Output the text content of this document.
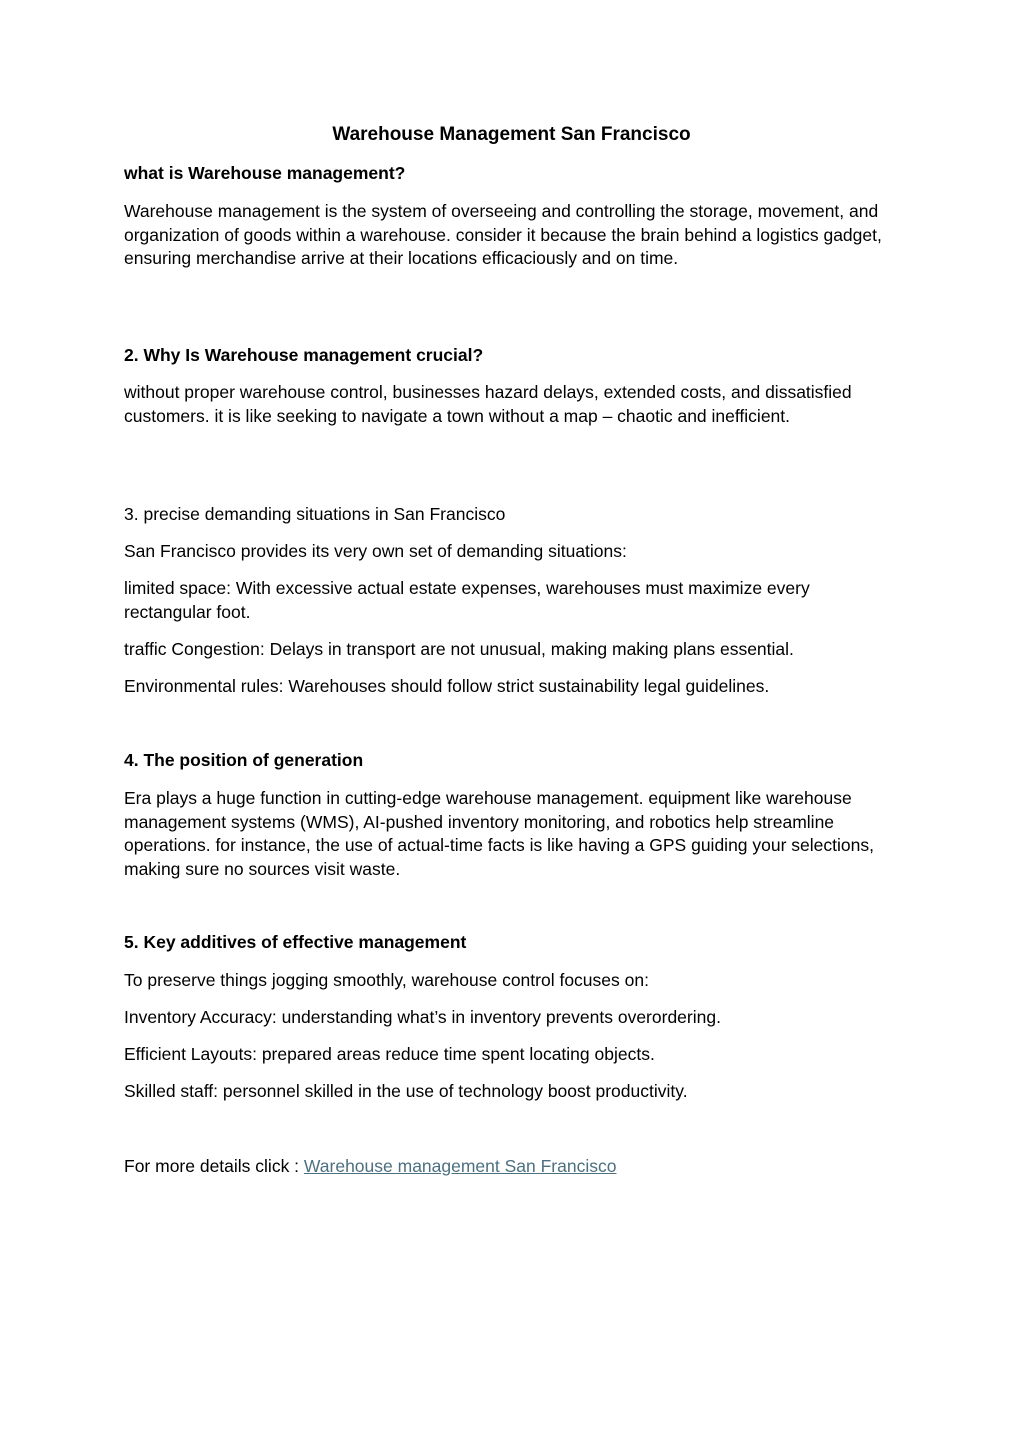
Warehouse Management San Francisco

what is Warehouse management?

Warehouse management is the system of overseeing and controlling the storage, movement, and organization of goods within a warehouse. consider it because the brain behind a logistics gadget, ensuring merchandise arrive at their locations efficaciously and on time.

2. Why Is Warehouse management crucial?

without proper warehouse control, businesses hazard delays, extended costs, and dissatisfied customers. it is like seeking to navigate a town without a map – chaotic and inefficient.

3. precise demanding situations in San Francisco

San Francisco provides its very own set of demanding situations:

limited space: With excessive actual estate expenses, warehouses must maximize every rectangular foot.

traffic Congestion: Delays in transport are not unusual, making making plans essential.

Environmental rules: Warehouses should follow strict sustainability legal guidelines.

4. The position of generation

Era plays a huge function in cutting-edge warehouse management. equipment like warehouse management systems (WMS), AI-pushed inventory monitoring, and robotics help streamline operations. for instance, the use of actual-time facts is like having a GPS guiding your selections, making sure no sources visit waste.

5. Key additives of effective management

To preserve things jogging smoothly, warehouse control focuses on:

Inventory Accuracy: understanding what’s in inventory prevents overordering.

Efficient Layouts: prepared areas reduce time spent locating objects.

Skilled staff: personnel skilled in the use of technology boost productivity.

For more details click : Warehouse management San Francisco
